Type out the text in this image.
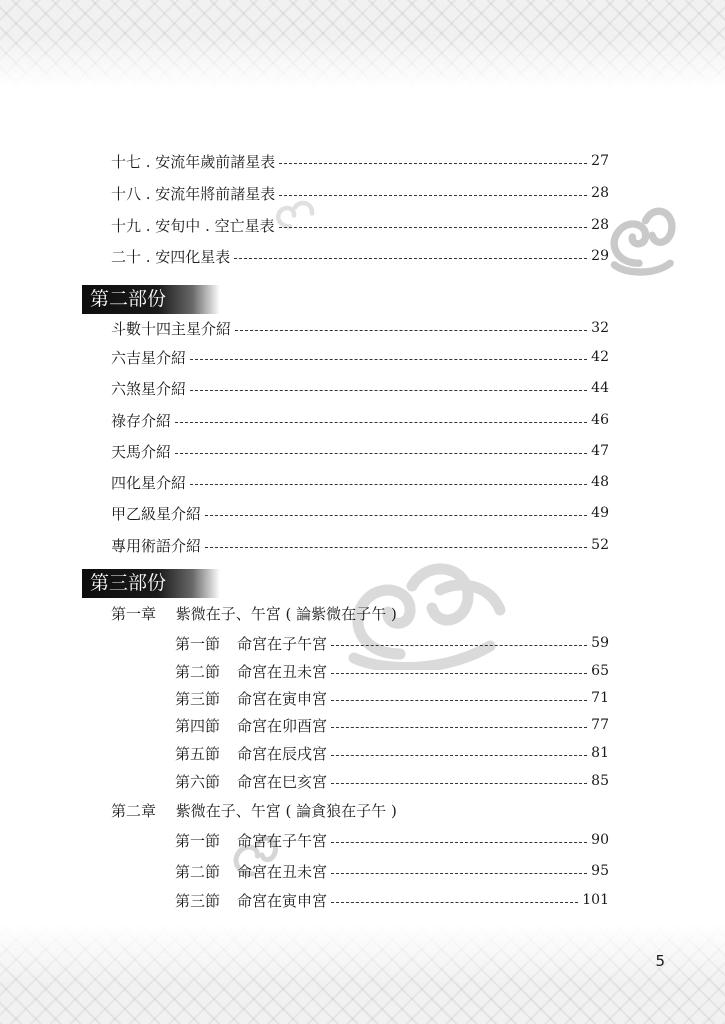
十七 . 安流年歲前諸星表	27
十八 . 安流年將前諸星表	28
十九 . 安旬中 . 空亡星表	28
二十 . 安四化星表	29
第二部份
斗數十四主星介紹	32
六吉星介紹	42
六煞星介紹	44
祿存介紹	46
天馬介紹	47
四化星介紹	48
甲乙級星介紹	49
專用術語介紹	52
第三部份
第一章 紫微在子、午宮 ( 論紫微在子午 )
第一節	命宮在子午宮	59
第二節	命宮在丑未宮	65
第三節	命宮在寅申宮	71
第四節	命宮在卯酉宮	77
第五節	命宮在辰戌宮	81
第六節	命宮在巳亥宮	85
第二章 紫微在子、午宮 ( 論貪狼在子午 )
第一節	命宮在子午宮	90
第二節	命宮在丑未宮	95
第三節	命宮在寅申宮	101
5
